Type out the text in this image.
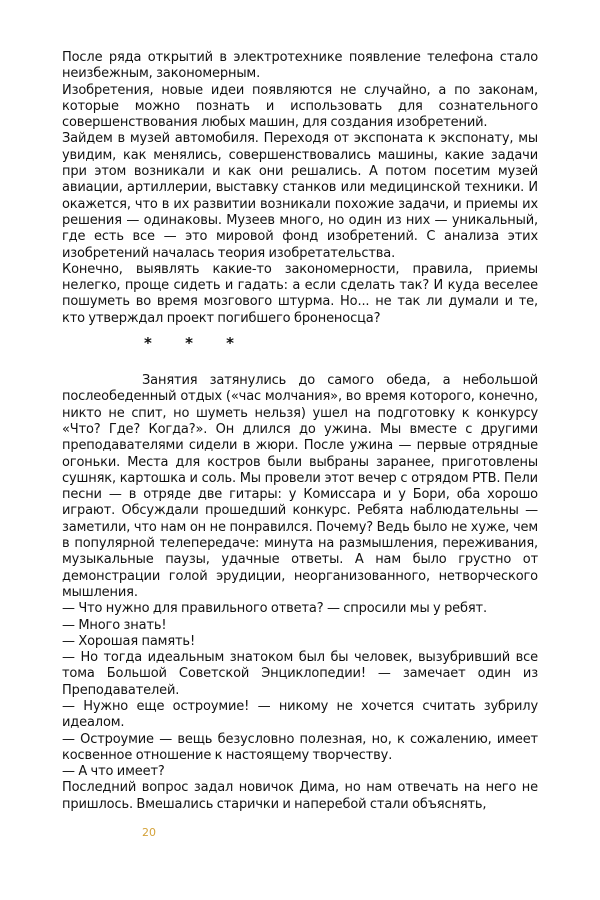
После ряда открытий в электротехнике появление телефона стало неизбежным, закономерным.

Изобретения, новые идеи появляются не случайно, а по законам, которые можно познать и использовать для сознательного совершенствования любых машин, для создания изобретений.

Зайдем в музей автомобиля. Переходя от экспоната к экспонату, мы увидим, как менялись, совершенствовались машины, какие задачи при этом возникали и как они решались. А потом посетим музей авиации, артиллерии, выставку станков или медицинской техники. И окажется, что в их развитии возникали похожие задачи, и приемы их решения — одинаковы. Музеев много, но один из них — уникальный, где есть все — это мировой фонд изобретений. С анализа этих изобретений началась теория изобретательства.

Конечно, выявлять какие-то закономерности, правила, приемы нелегко, проще сидеть и гадать: а если сделать так? И куда веселее пошуметь во время мозгового штурма. Но... не так ли думали и те, кто утверждал проект погибшего броненосца?

* * *

Занятия затянулись до самого обеда, а небольшой послеобеденный отдых («час молчания», во время которого, конечно, никто не спит, но шуметь нельзя) ушел на подготовку к конкурсу «Что? Где? Когда?». Он длился до ужина. Мы вместе с другими преподавателями сидели в жюри. После ужина — первые отрядные огоньки. Места для костров были выбраны заранее, приготовлены сушняк, картошка и соль. Мы провели этот вечер с отрядом РТВ. Пели песни — в отряде две гитары: у Комиссара и у Бори, оба хорошо играют. Обсуждали прошедший конкурс. Ребята наблюдательны — заметили, что нам он не понравился. Почему? Ведь было не хуже, чем в популярной телепередаче: минута на размышления, переживания, музыкальные паузы, удачные ответы. А нам было грустно от демонстрации голой эрудиции, неорганизованного, нетворческого мышления.

— Что нужно для правильного ответа? — спросили мы у ребят.

— Много знать!

— Хорошая память!

— Но тогда идеальным знатоком был бы человек, вызубривший все тома Большой Советской Энциклопедии! — замечает один из Преподавателей.

— Нужно еще остроумие! — никому не хочется считать зубрилу идеалом.

— Остроумие — вещь безусловно полезная, но, к сожалению, имеет косвенное отношение к настоящему творчеству.

— А что имеет?

Последний вопрос задал новичок Дима, но нам отвечать на него не пришлось. Вмешались старички и наперебой стали объяснять,

20
